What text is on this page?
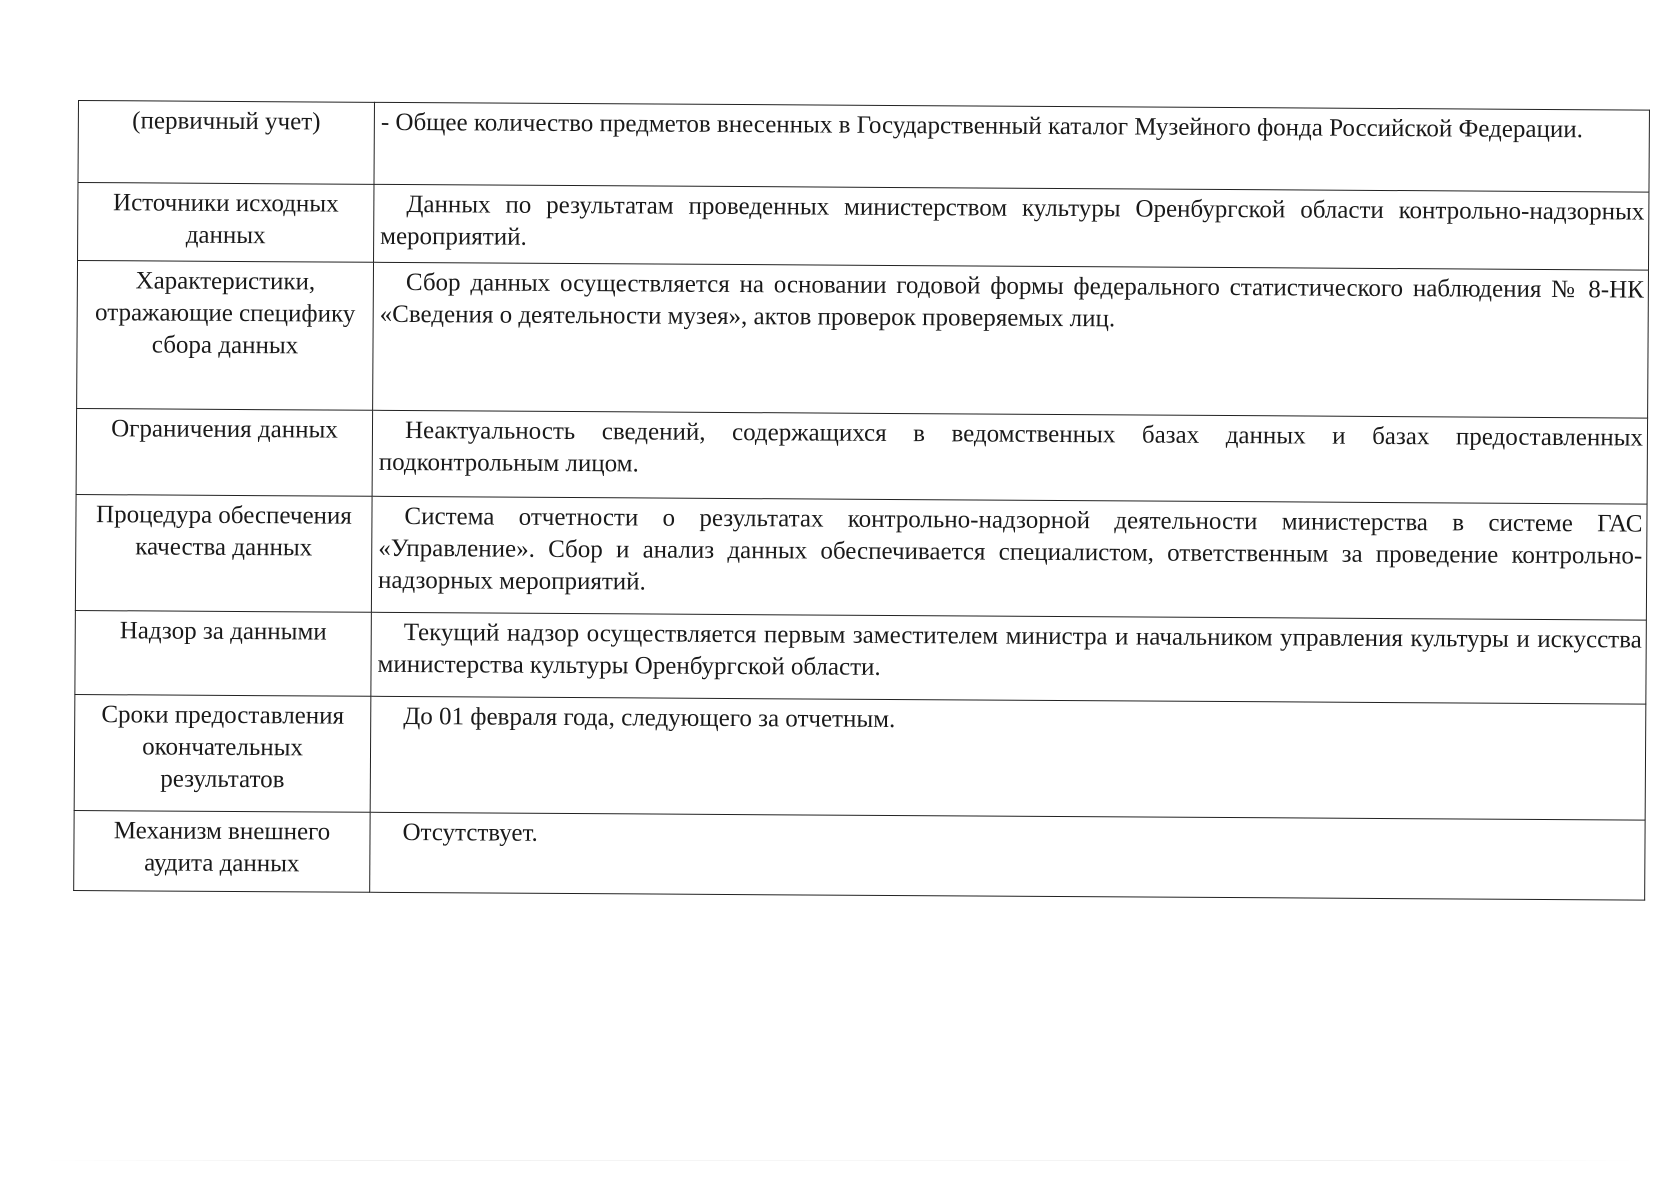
(первичный учет)	- Общее количество предметов внесенных в Государственный каталог Музейного фонда Российской Федерации.
Источники исходных данных	Данных по результатам проведенных министерством культуры Оренбургской области контрольно-надзорных мероприятий.
Характеристики, отражающие специфику сбора данных	Сбор данных осуществляется на основании годовой формы федерального статистического наблюдения № 8-НК «Сведения о деятельности музея», актов проверок проверяемых лиц.
Ограничения данных	Неактуальность сведений, содержащихся в ведомственных базах данных и базах предоставленных подконтрольным лицом.
Процедура обеспечения качества данных	Система отчетности о результатах контрольно-надзорной деятельности министерства в системе ГАС «Управление». Сбор и анализ данных обеспечивается специалистом, ответственным за проведение контрольно-надзорных мероприятий.
Надзор за данными	Текущий надзор осуществляется первым заместителем министра и начальником управления культуры и искусства министерства культуры Оренбургской области.
Сроки предоставления окончательных результатов	До 01 февраля года, следующего за отчетным.
Механизм внешнего аудита данных	Отсутствует.
